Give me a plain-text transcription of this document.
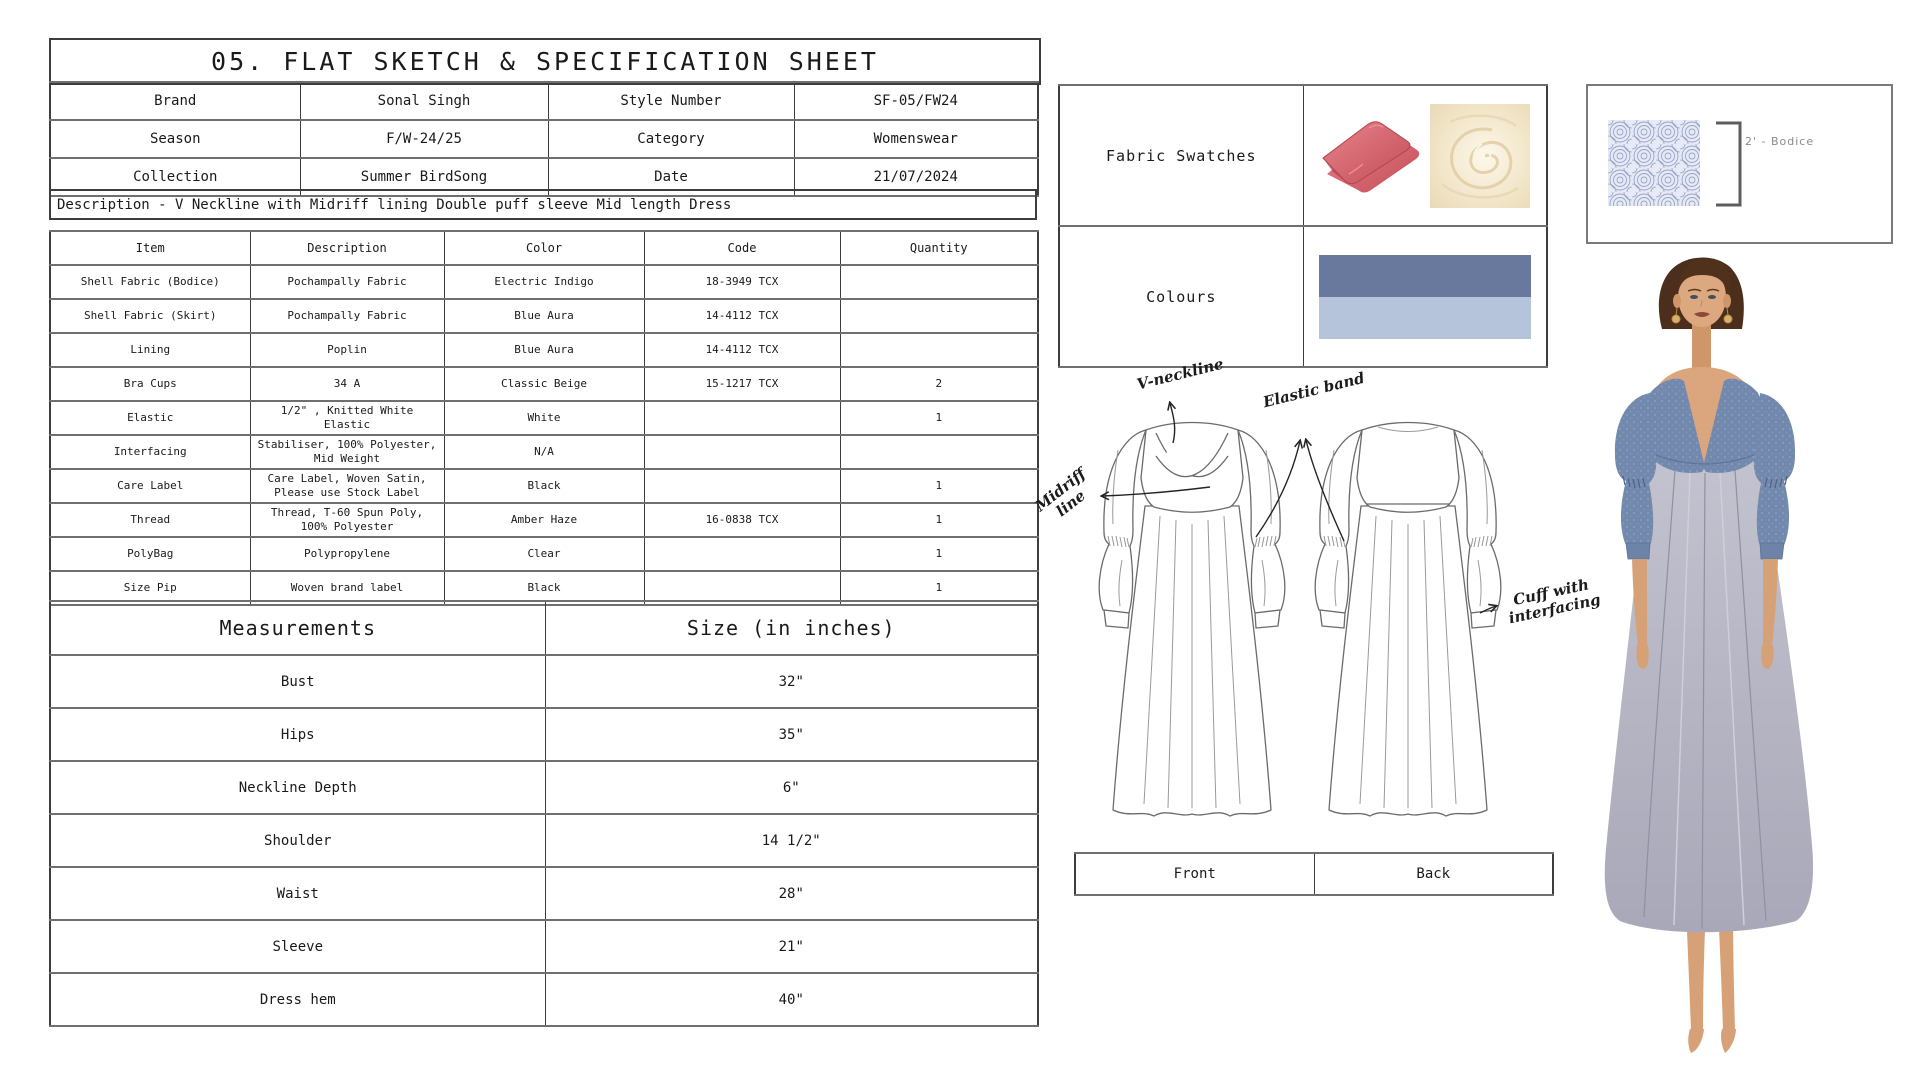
05. FLAT SKETCH & SPECIFICATION SHEET
Brand	Sonal Singh	Style Number	SF-05/FW24
Season	F/W-24/25	Category	Womenswear
Collection	Summer BirdSong	Date	21/07/2024
Description - V Neckline with Midriff lining Double puff sleeve Mid length Dress
Item	Description	Color	Code	Quantity
Shell Fabric (Bodice)	Pochampally Fabric	Electric Indigo	18-3949 TCX	
Shell Fabric (Skirt)	Pochampally Fabric	Blue Aura	14-4112 TCX	
Lining	Poplin	Blue Aura	14-4112 TCX	
Bra Cups	34 A	Classic Beige	15-1217 TCX	2
Elastic	1/2" , Knitted White Elastic	White		1
Interfacing	Stabiliser, 100% Polyester, Mid Weight	N/A		
Care Label	Care Label, Woven Satin, Please use Stock Label	Black		1
Thread	Thread, T-60 Spun Poly, 100% Polyester	Amber Haze	16-0838 TCX	1
PolyBag	Polypropylene	Clear		1
Size Pip	Woven brand label	Black		1
Measurements	Size (in inches)
Bust	32"
Hips	35"
Neckline Depth	6"
Shoulder	14 1/2"
Waist	28"
Sleeve	21"
Dress hem	40"
Fabric Swatches	

Colours	
2' - Bodice
V-neckline Elastic band
Midriff line
Cuff with interfacing
Front	Back
